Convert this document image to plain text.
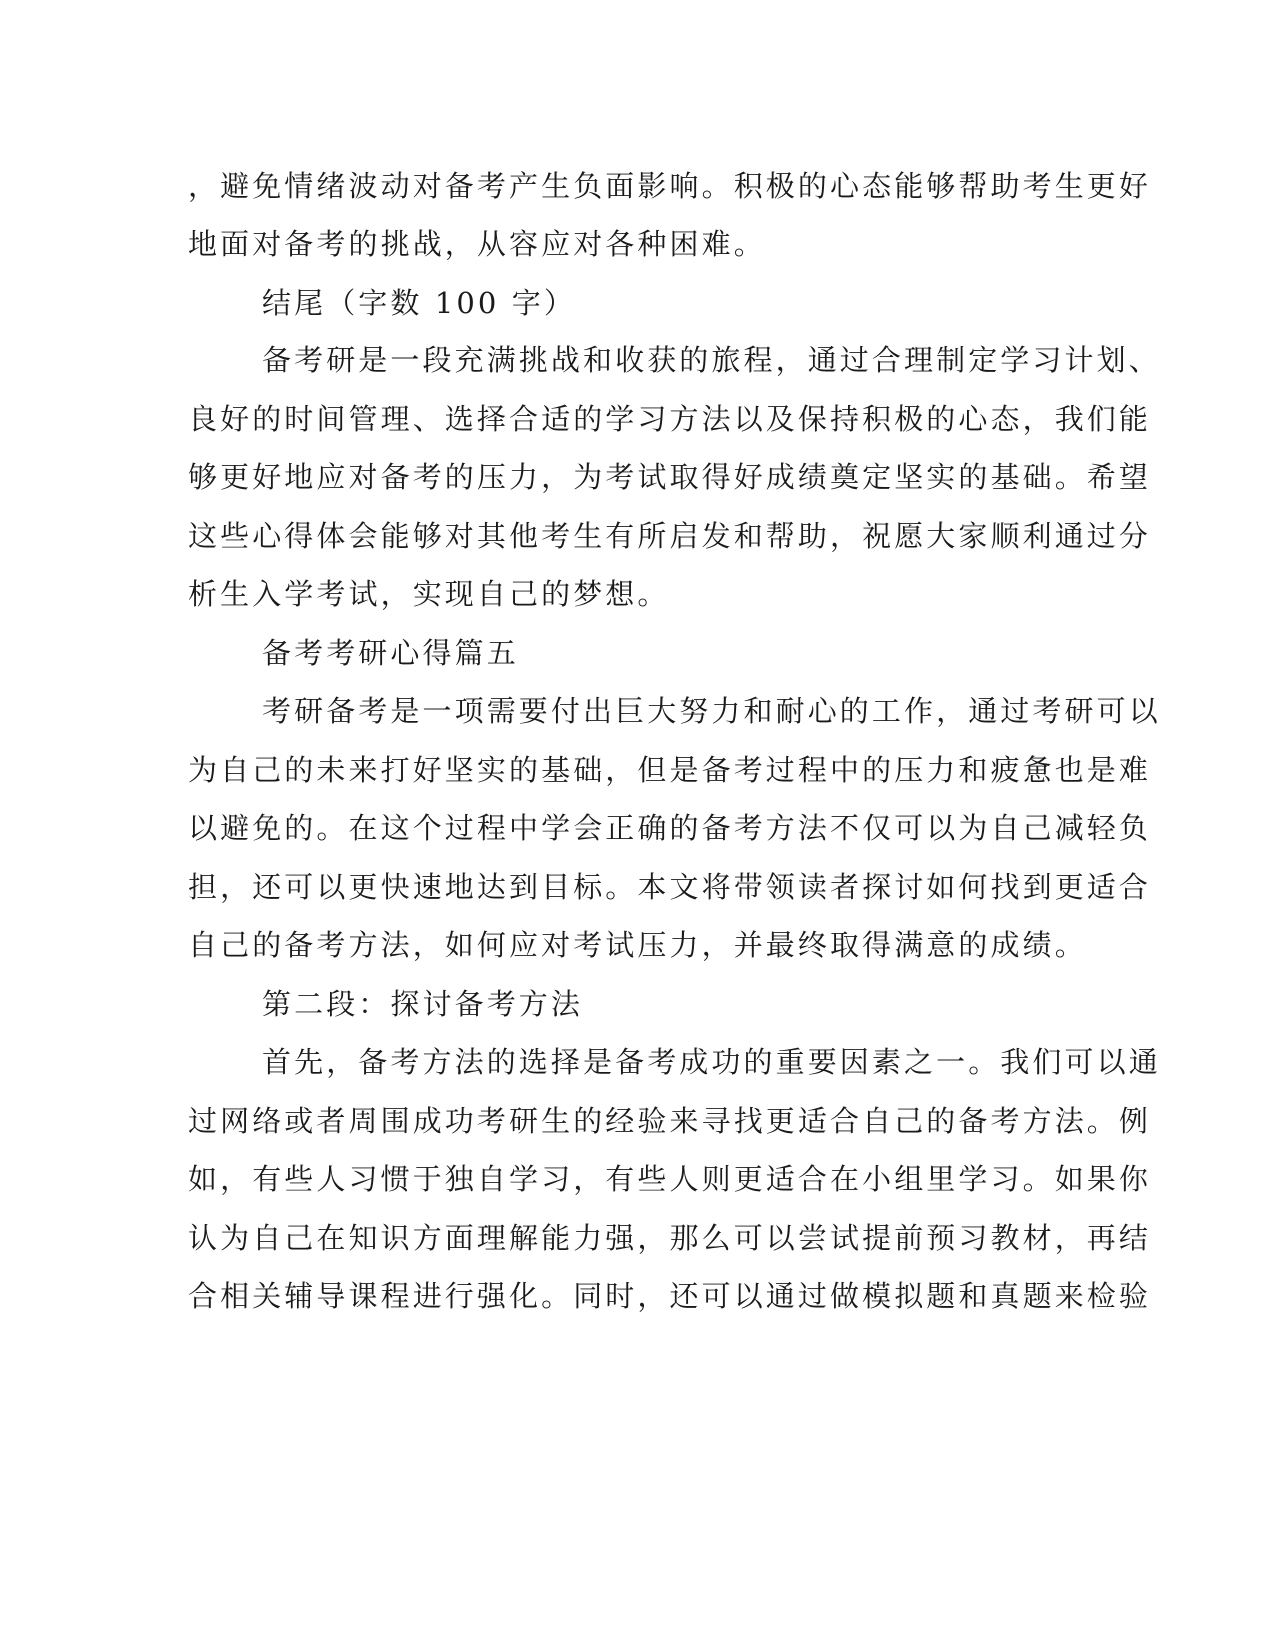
，避免情绪波动对备考产生负面影响。积极的心态能够帮助考生更好
地面对备考的挑战，从容应对各种困难。
结尾（字数 100 字）
备考研是一段充满挑战和收获的旅程，通过合理制定学习计划、
良好的时间管理、选择合适的学习方法以及保持积极的心态，我们能
够更好地应对备考的压力，为考试取得好成绩奠定坚实的基础。希望
这些心得体会能够对其他考生有所启发和帮助，祝愿大家顺利通过分
析生入学考试，实现自己的梦想。
备考考研心得篇五
考研备考是一项需要付出巨大努力和耐心的工作，通过考研可以
为自己的未来打好坚实的基础，但是备考过程中的压力和疲惫也是难
以避免的。在这个过程中学会正确的备考方法不仅可以为自己减轻负
担，还可以更快速地达到目标。本文将带领读者探讨如何找到更适合
自己的备考方法，如何应对考试压力，并最终取得满意的成绩。
第二段：探讨备考方法
首先，备考方法的选择是备考成功的重要因素之一。我们可以通
过网络或者周围成功考研生的经验来寻找更适合自己的备考方法。例
如，有些人习惯于独自学习，有些人则更适合在小组里学习。如果你
认为自己在知识方面理解能力强，那么可以尝试提前预习教材，再结
合相关辅导课程进行强化。同时，还可以通过做模拟题和真题来检验
